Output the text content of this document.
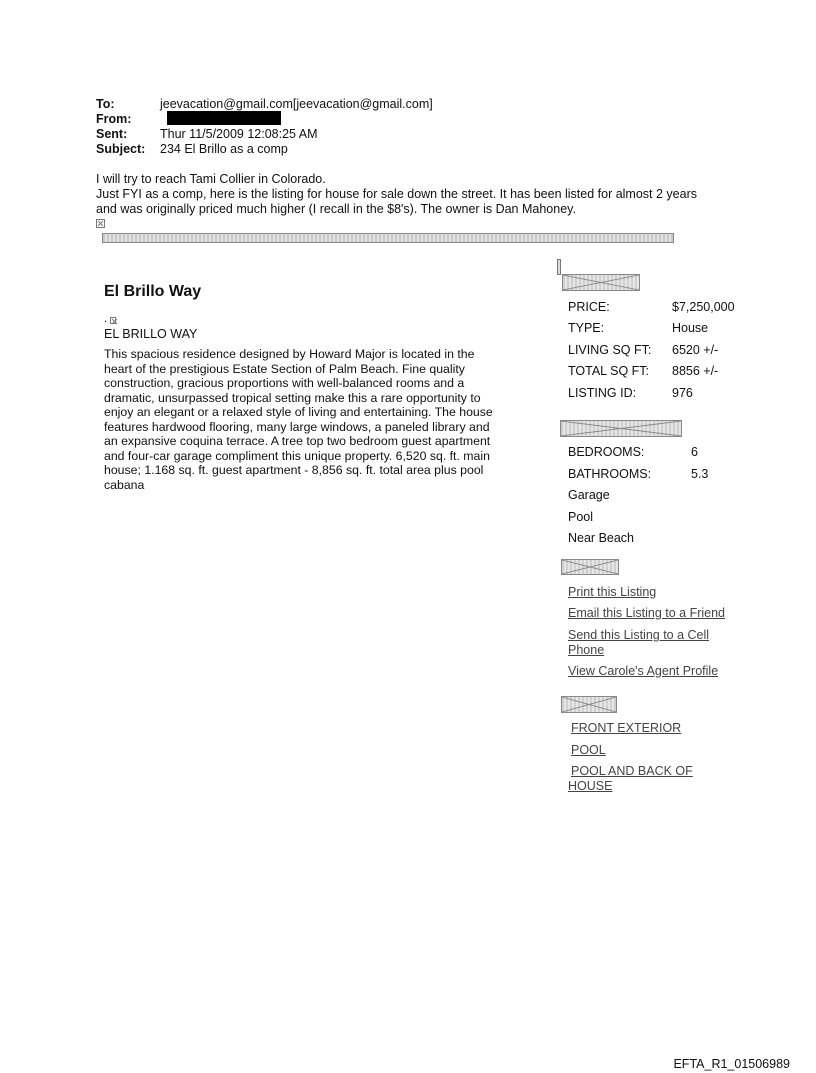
To:	jeevacation@gmail.com[jeevacation@gmail.com]
From:
Sent:	Thur 11/5/2009 12:08:25 AM
Subject: 234 El Brillo as a comp
I will try to reach Tami Collier in Colorado.
Just FYI as a comp, here is the listing for house for sale down the street. It has been listed for almost 2 years
and was originally priced much higher (I recall in the $8's). The owner is Dan Mahoney.
El Brillo Way
.
EL BRILLO WAY
This spacious residence designed by Howard Major is located in the
heart of the prestigious Estate Section of Palm Beach. Fine quality
construction, gracious proportions with well-balanced rooms and a
dramatic, unsurpassed tropical setting make this a rare opportunity to
enjoy an elegant or a relaxed style of living and entertaining. The house
features hardwood flooring, many large windows, a paneled library and
an expansive coquina terrace. A tree top two bedroom guest apartment
and four-car garage compliment this unique property. 6,520 sq. ft. main
house; 1.168 sq. ft. guest apartment - 8,856 sq. ft. total area plus pool
cabana
PRICE:	$7,250,000
TYPE:	House
LIVING SQ FT: 6520 +/-
TOTAL SQ FT: 8856 +/-
LISTING ID:	976
BEDROOMS:	6
BATHROOMS:	5.3
Garage
Pool
Near Beach
Print this Listing
Email this Listing to a Friend
Send this Listing to a Cell
Phone
View Carole's Agent Profile
FRONT EXTERIOR
POOL
POOL AND BACK OF
HOUSE
EFTA_R1_01506989
